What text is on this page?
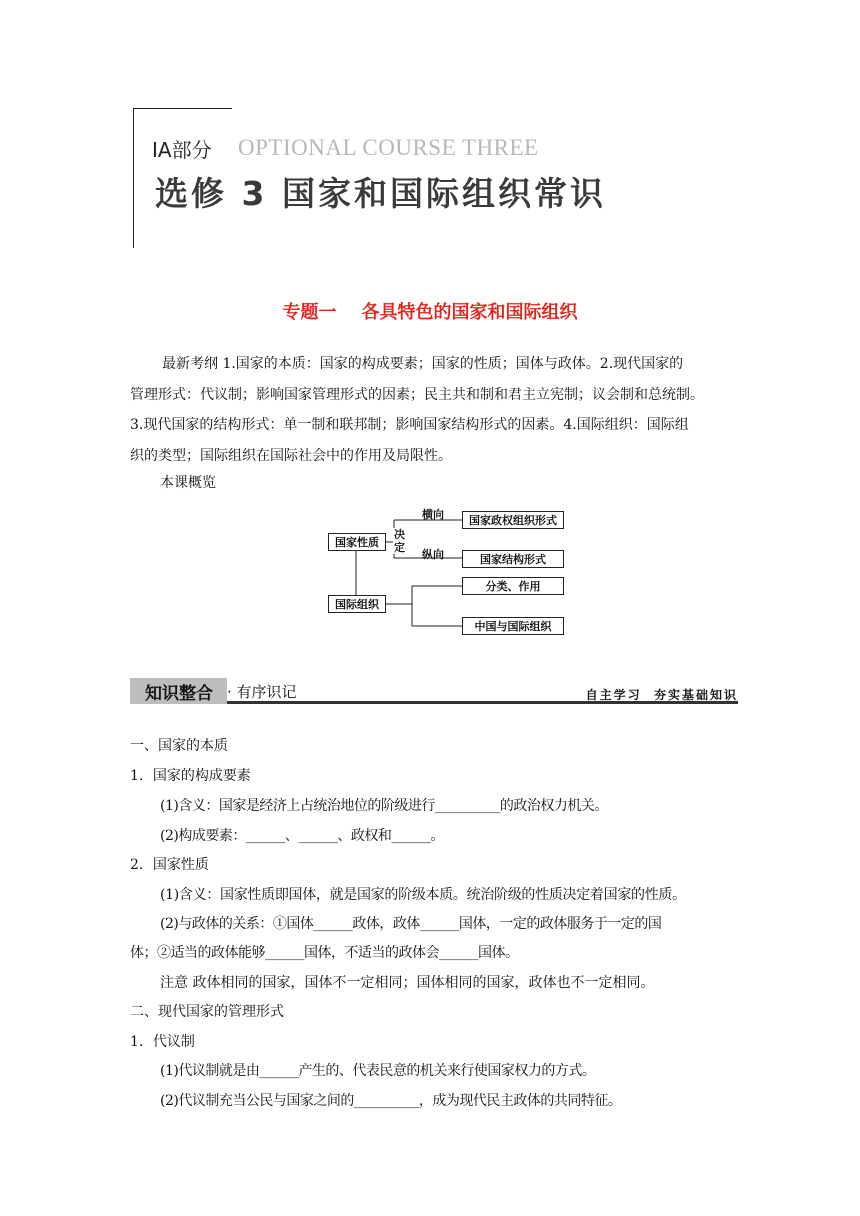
ⅠA部分 OPTIONAL COURSE THREE
选修 3 国家和国际组织常识
专题一    各具特色的国家和国际组织
最新考纲 1.国家的本质：国家的构成要素；国家的性质；国体与政体。2.现代国家的
管理形式：代议制；影响国家管理形式的因素；民主共和制和君主立宪制；议会制和总统制。
3.现代国家的结构形式：单一制和联邦制；影响国家结构形式的因素。4.国际组织：国际组
织的类型；国际组织在国际社会中的作用及局限性。
本课概览
国家性质
国际组织
决
定
横向
纵向
国家政权组织形式
国家结构形式
分类、作用
中国与国际组织
知识整合 · 有序识记	自主学习  夯实基础知识
一、国家的本质
1．国家的构成要素
(1)含义：国家是经济上占统治地位的阶级进行__________的政治权力机关。
(2)构成要素：______、______、政权和______。
2．国家性质
(1)含义：国家性质即国体，就是国家的阶级本质。统治阶级的性质决定着国家的性质。
(2)与政体的关系：①国体______政体，政体______国体，一定的政体服务于一定的国
体；②适当的政体能够______国体，不适当的政体会______国体。
注意 政体相同的国家，国体不一定相同；国体相同的国家，政体也不一定相同。
二、现代国家的管理形式
1．代议制
(1)代议制就是由______产生的、代表民意的机关来行使国家权力的方式。
(2)代议制充当公民与国家之间的__________，成为现代民主政体的共同特征。
